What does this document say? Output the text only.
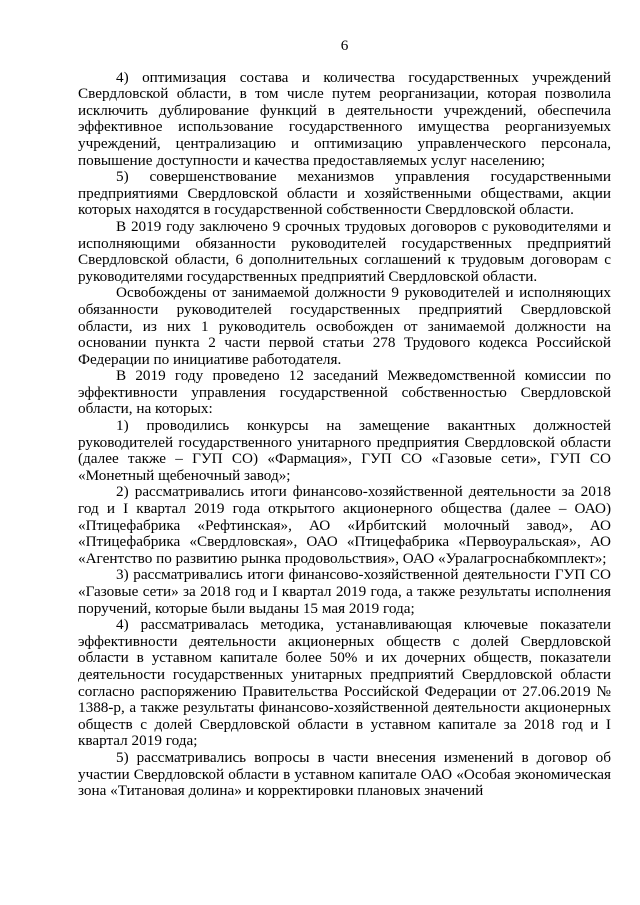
6

4) оптимизация состава и количества государственных учреждений Свердловской области, в том числе путем реорганизации, которая позволила исключить дублирование функций в деятельности учреждений, обеспечила эффективное использование государственного имущества реорганизуемых учреждений, централизацию и оптимизацию управленческого персонала, повышение доступности и качества предоставляемых услуг населению;

5) совершенствование механизмов управления государственными предприятиями Свердловской области и хозяйственными обществами, акции которых находятся в государственной собственности Свердловской области.

В 2019 году заключено 9 срочных трудовых договоров с руководителями и исполняющими обязанности руководителей государственных предприятий Свердловской области, 6 дополнительных соглашений к трудовым договорам с руководителями государственных предприятий Свердловской области.

Освобождены от занимаемой должности 9 руководителей и исполняющих обязанности руководителей государственных предприятий Свердловской области, из них 1 руководитель освобожден от занимаемой должности на основании пункта 2 части первой статьи 278 Трудового кодекса Российской Федерации по инициативе работодателя.

В 2019 году проведено 12 заседаний Межведомственной комиссии по эффективности управления государственной собственностью Свердловской области, на которых:

1) проводились конкурсы на замещение вакантных должностей руководителей государственного унитарного предприятия Свердловской области (далее также – ГУП СО) «Фармация», ГУП СО «Газовые сети», ГУП СО «Монетный щебеночный завод»;

2) рассматривались итоги финансово-хозяйственной деятельности за 2018 год и I квартал 2019 года открытого акционерного общества (далее – ОАО) «Птицефабрика «Рефтинская», АО «Ирбитский молочный завод», АО «Птицефабрика «Свердловская», ОАО «Птицефабрика «Первоуральская», АО «Агентство по развитию рынка продовольствия», ОАО «Уралагроснабкомплект»;

3) рассматривались итоги финансово-хозяйственной деятельности ГУП СО «Газовые сети» за 2018 год и I квартал 2019 года, а также результаты исполнения поручений, которые были выданы 15 мая 2019 года;

4) рассматривалась методика, устанавливающая ключевые показатели эффективности деятельности акционерных обществ с долей Свердловской области в уставном капитале более 50% и их дочерних обществ, показатели деятельности государственных унитарных предприятий Свердловской области согласно распоряжению Правительства Российской Федерации от 27.06.2019 № 1388-р, а также результаты финансово-хозяйственной деятельности акционерных обществ с долей Свердловской области в уставном капитале за 2018 год и I квартал 2019 года;

5) рассматривались вопросы в части внесения изменений в договор об участии Свердловской области в уставном капитале ОАО «Особая экономическая зона «Титановая долина» и корректировки плановых значений
